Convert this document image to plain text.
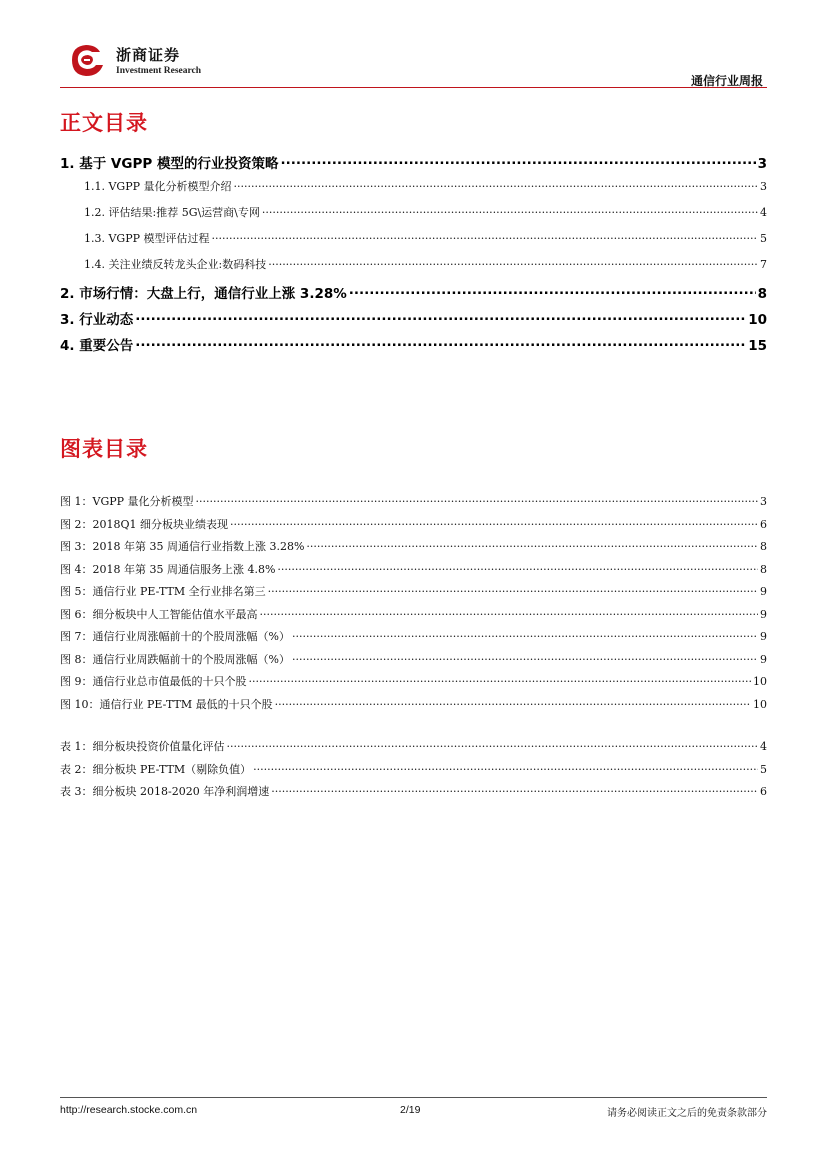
浙商证券
Investment Research
通信行业周报
正文目录
1. 基于 VGPP 模型的行业投资策略 .....	3
1.1. VGPP 量化分析模型介绍 .....	3
1.2. 评估结果:推荐 5G\运营商\专网 .....	4
1.3. VGPP 模型评估过程 .....	5
1.4. 关注业绩反转龙头企业:数码科技 .....	7
2. 市场行情：大盘上行，通信行业上涨 3.28% .....	8
3. 行业动态 .....	10
4. 重要公告 .....	15
图表目录
图 1：VGPP 量化分析模型 .....	3
图 2：2018Q1 细分板块业绩表现 .....	6
图 3：2018 年第 35 周通信行业指数上涨 3.28% .....	8
图 4：2018 年第 35 周通信服务上涨 4.8% .....	8
图 5：通信行业 PE-TTM 全行业排名第三 .....	9
图 6：细分板块中人工智能估值水平最高 .....	9
图 7：通信行业周涨幅前十的个股周涨幅（%） .....	9
图 8：通信行业周跌幅前十的个股周涨幅（%） .....	9
图 9：通信行业总市值最低的十只个股 .....	10
图 10：通信行业 PE-TTM 最低的十只个股 .....	10
表 1：细分板块投资价值量化评估 .....	4
表 2：细分板块 PE-TTM（剔除负值） .....	5
表 3：细分板块 2018-2020 年净利润增速 .....	6
http://research.stocke.com.cn	2/19	请务必阅读正文之后的免责条款部分
